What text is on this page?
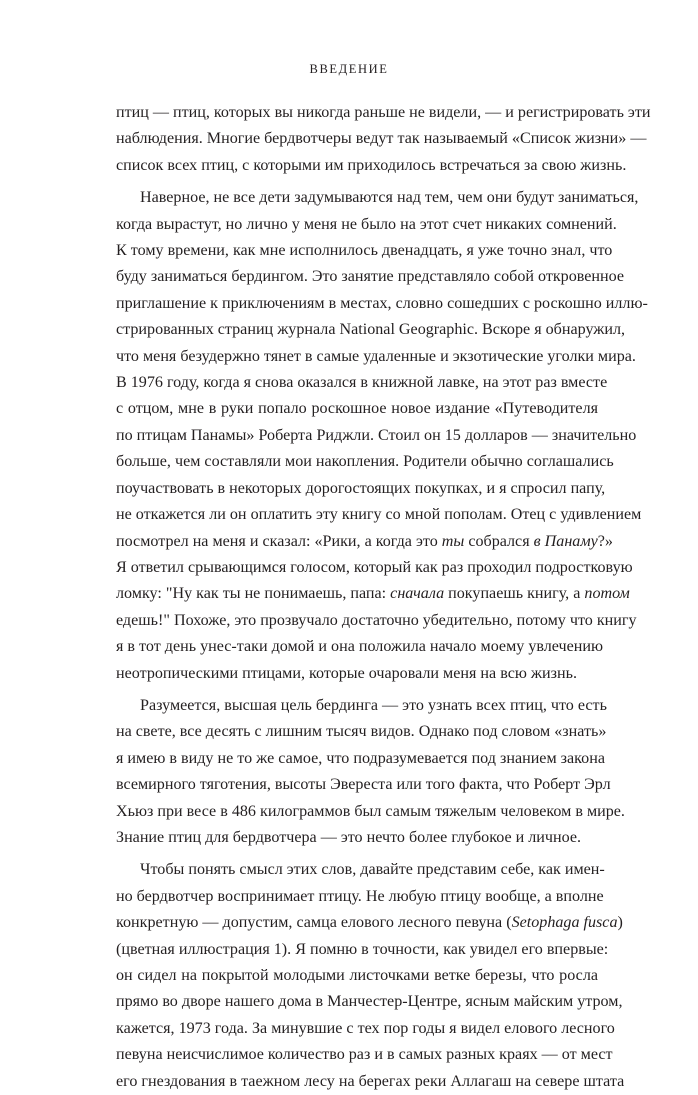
ВВЕДЕНИЕ
птиц — птиц, которых вы никогда раньше не видели, — и регистрировать эти
наблюдения. Многие бердвотчеры ведут так называемый «Список жизни» —
список всех птиц, с которыми им приходилось встречаться за свою жизнь.
Наверное, не все дети задумываются над тем, чем они будут заниматься,
когда вырастут, но лично у меня не было на этот счет никаких сомнений.
К тому времени, как мне исполнилось двенадцать, я уже точно знал, что
буду заниматься бердингом. Это занятие представляло собой откровенное
приглашение к приключениям в местах, словно сошедших с роскошно иллю-
стрированных страниц журнала National Geographic. Вскоре я обнаружил,
что меня безудержно тянет в самые удаленные и экзотические уголки мира.
В 1976 году, когда я снова оказался в книжной лавке, на этот раз вместе
с отцом, мне в руки попало роскошное новое издание «Путеводителя
по птицам Панамы» Роберта Риджли. Стоил он 15 долларов — значительно
больше, чем составляли мои накопления. Родители обычно соглашались
поучаствовать в некоторых дорогостоящих покупках, и я спросил папу,
не откажется ли он оплатить эту книгу со мной пополам. Отец с удивлением
посмотрел на меня и сказал: «Рики, а когда это ты собрался в Панаму?»
Я ответил срывающимся голосом, который как раз проходил подростковую
ломку: "Ну как ты не понимаешь, папа: сначала покупаешь книгу, а потом
едешь!" Похоже, это прозвучало достаточно убедительно, потому что книгу
я в тот день унес-таки домой и она положила начало моему увлечению
неотропическими птицами, которые очаровали меня на всю жизнь.
Разумеется, высшая цель бердинга — это узнать всех птиц, что есть
на свете, все десять с лишним тысяч видов. Однако под словом «знать»
я имею в виду не то же самое, что подразумевается под знанием закона
всемирного тяготения, высоты Эвереста или того факта, что Роберт Эрл
Хьюз при весе в 486 килограммов был самым тяжелым человеком в мире.
Знание птиц для бердвотчера — это нечто более глубокое и личное.
Чтобы понять смысл этих слов, давайте представим себе, как имен-
но бердвотчер воспринимает птицу. Не любую птицу вообще, а вполне
конкретную — допустим, самца елового лесного певуна (Setophaga fusca)
(цветная иллюстрация 1). Я помню в точности, как увидел его впервые:
он сидел на покрытой молодыми листочками ветке березы, что росла
прямо во дворе нашего дома в Манчестер-Центре, ясным майским утром,
кажется, 1973 года. За минувшие с тех пор годы я видел елового лесного
певуна неисчислимое количество раз и в самых разных краях — от мест
его гнездования в таежном лесу на берегах реки Аллагаш на севере штата
